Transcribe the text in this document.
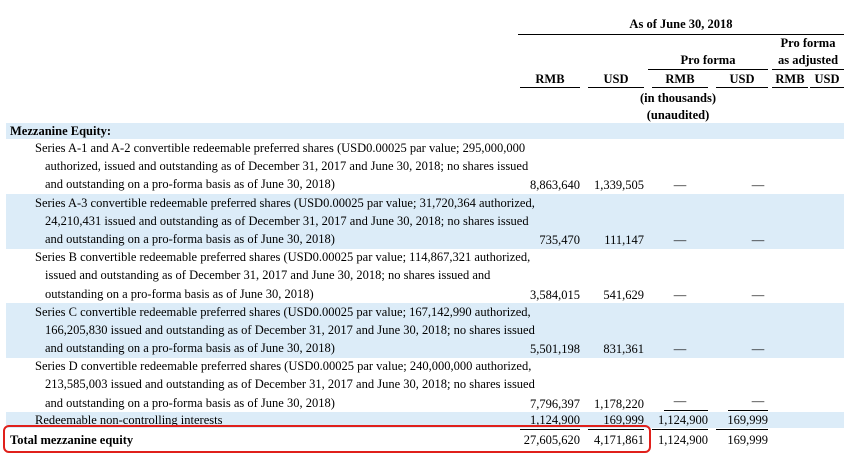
As of June 30, 2018
Pro forma
Pro forma
as adjusted
RMB	USD	RMB	USD	RMB USD
(in thousands)
(unaudited)
Mezzanine Equity:
Series A-1 and A-2 convertible redeemable preferred shares (USD0.00025 par value; 295,000,000
authorized, issued and outstanding as of December 31, 2017 and June 30, 2018; no shares issued
and outstanding on a pro-forma basis as of June 30, 2018)	8,863,640	1,339,505	—	—
Series A-3 convertible redeemable preferred shares (USD0.00025 par value; 31,720,364 authorized,
24,210,431 issued and outstanding as of December 31, 2017 and June 30, 2018; no shares issued
and outstanding on a pro-forma basis as of June 30, 2018)	735,470	111,147	—	—
Series B convertible redeemable preferred shares (USD0.00025 par value; 114,867,321 authorized,
issued and outstanding as of December 31, 2017 and June 30, 2018; no shares issued and
outstanding on a pro-forma basis as of June 30, 2018)	3,584,015	541,629	—	—
Series C convertible redeemable preferred shares (USD0.00025 par value; 167,142,990 authorized,
166,205,830 issued and outstanding as of December 31, 2017 and June 30, 2018; no shares issued
and outstanding on a pro-forma basis as of June 30, 2018)	5,501,198	831,361	—	—
Series D convertible redeemable preferred shares (USD0.00025 par value; 240,000,000 authorized,
213,585,003 issued and outstanding as of December 31, 2017 and June 30, 2018; no shares issued
and outstanding on a pro-forma basis as of June 30, 2018)	7,796,397	1,178,220	—	—
Redeemable non-controlling interests	1,124,900	169,999	1,124,900	169,999
Total mezzanine equity	27,605,620	4,171,861	1,124,900	169,999
